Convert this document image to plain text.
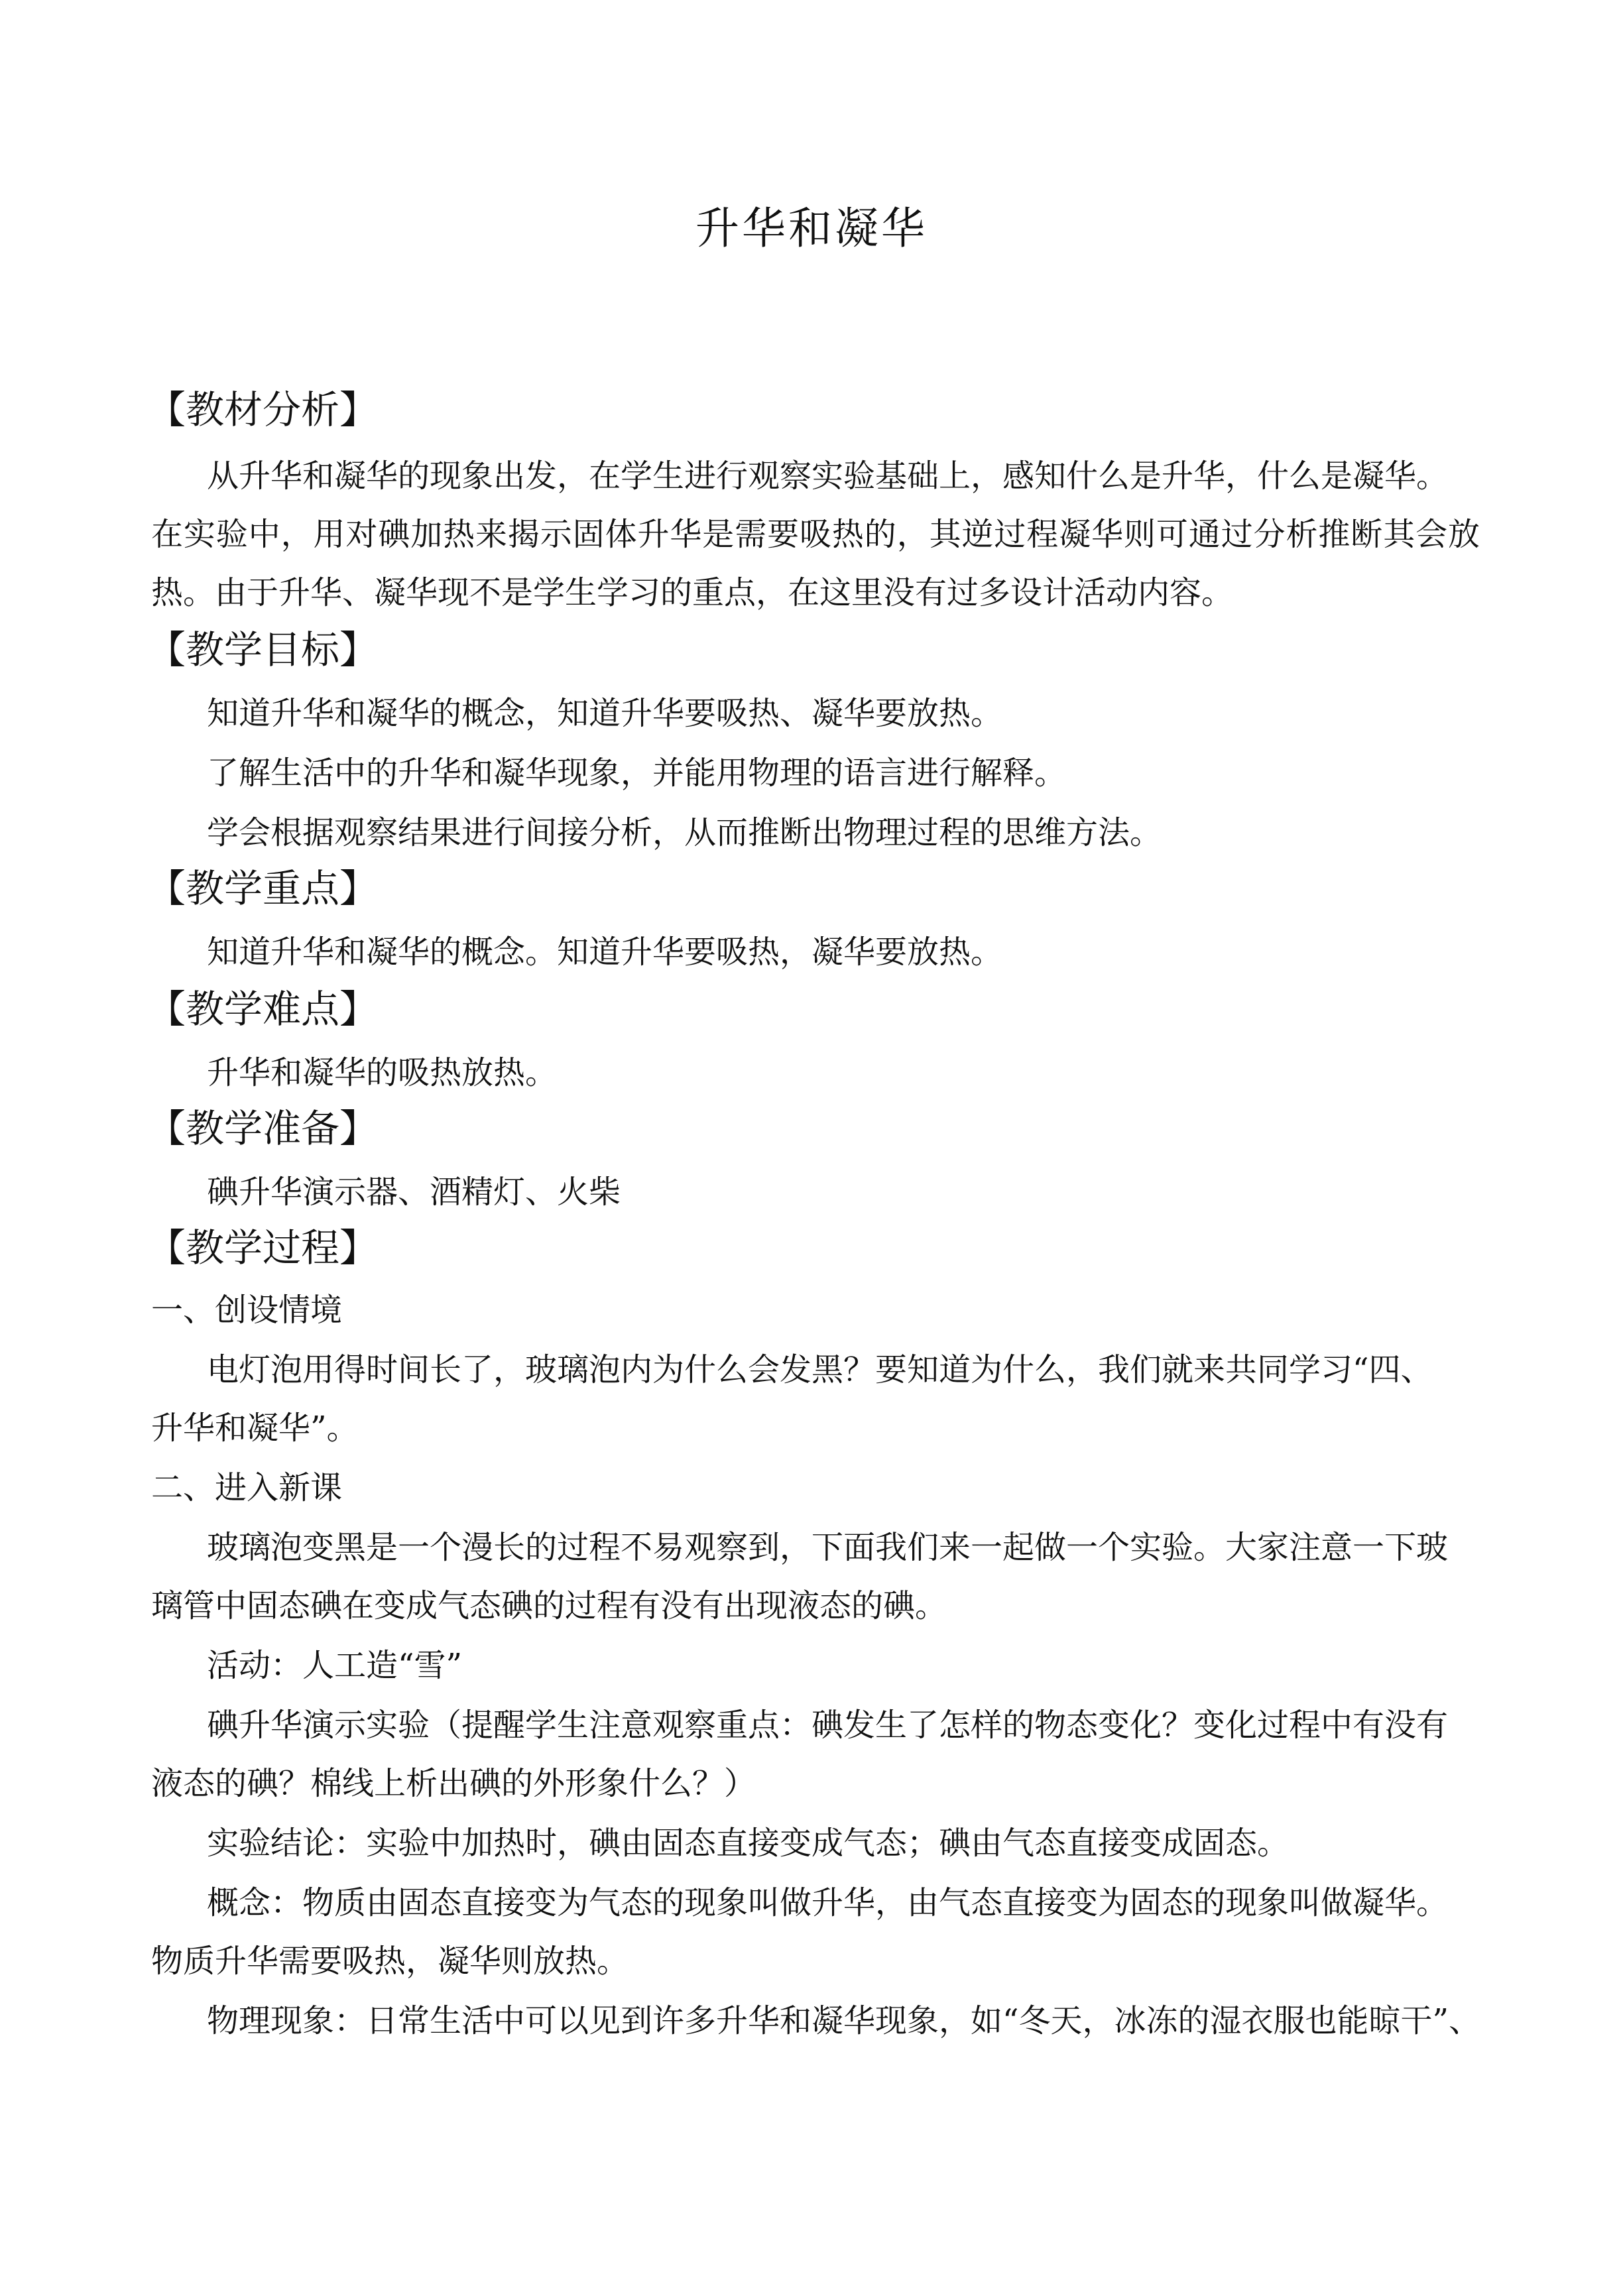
升华和凝华
【教材分析】
从升华和凝华的现象出发，在学生进行观察实验基础上，感知什么是升华，什么是凝华。
在实验中，用对碘加热来揭示固体升华是需要吸热的，其逆过程凝华则可通过分析推断其会放
热。由于升华、凝华现不是学生学习的重点，在这里没有过多设计活动内容。
【教学目标】
知道升华和凝华的概念，知道升华要吸热、凝华要放热。
了解生活中的升华和凝华现象，并能用物理的语言进行解释。
学会根据观察结果进行间接分析，从而推断出物理过程的思维方法。
【教学重点】
知道升华和凝华的概念。知道升华要吸热，凝华要放热。
【教学难点】
升华和凝华的吸热放热。
【教学准备】
碘升华演示器、酒精灯、火柴
【教学过程】
一、创设情境
电灯泡用得时间长了，玻璃泡内为什么会发黑？要知道为什么，我们就来共同学习“四、
升华和凝华”。
二、进入新课
玻璃泡变黑是一个漫长的过程不易观察到，下面我们来一起做一个实验。大家注意一下玻
璃管中固态碘在变成气态碘的过程有没有出现液态的碘。
活动：人工造“雪”
碘升华演示实验（提醒学生注意观察重点：碘发生了怎样的物态变化？变化过程中有没有
液态的碘？棉线上析出碘的外形象什么？）
实验结论：实验中加热时，碘由固态直接变成气态；碘由气态直接变成固态。
概念：物质由固态直接变为气态的现象叫做升华，由气态直接变为固态的现象叫做凝华。
物质升华需要吸热，凝华则放热。
物理现象：日常生活中可以见到许多升华和凝华现象，如“冬天，冰冻的湿衣服也能晾干”、
